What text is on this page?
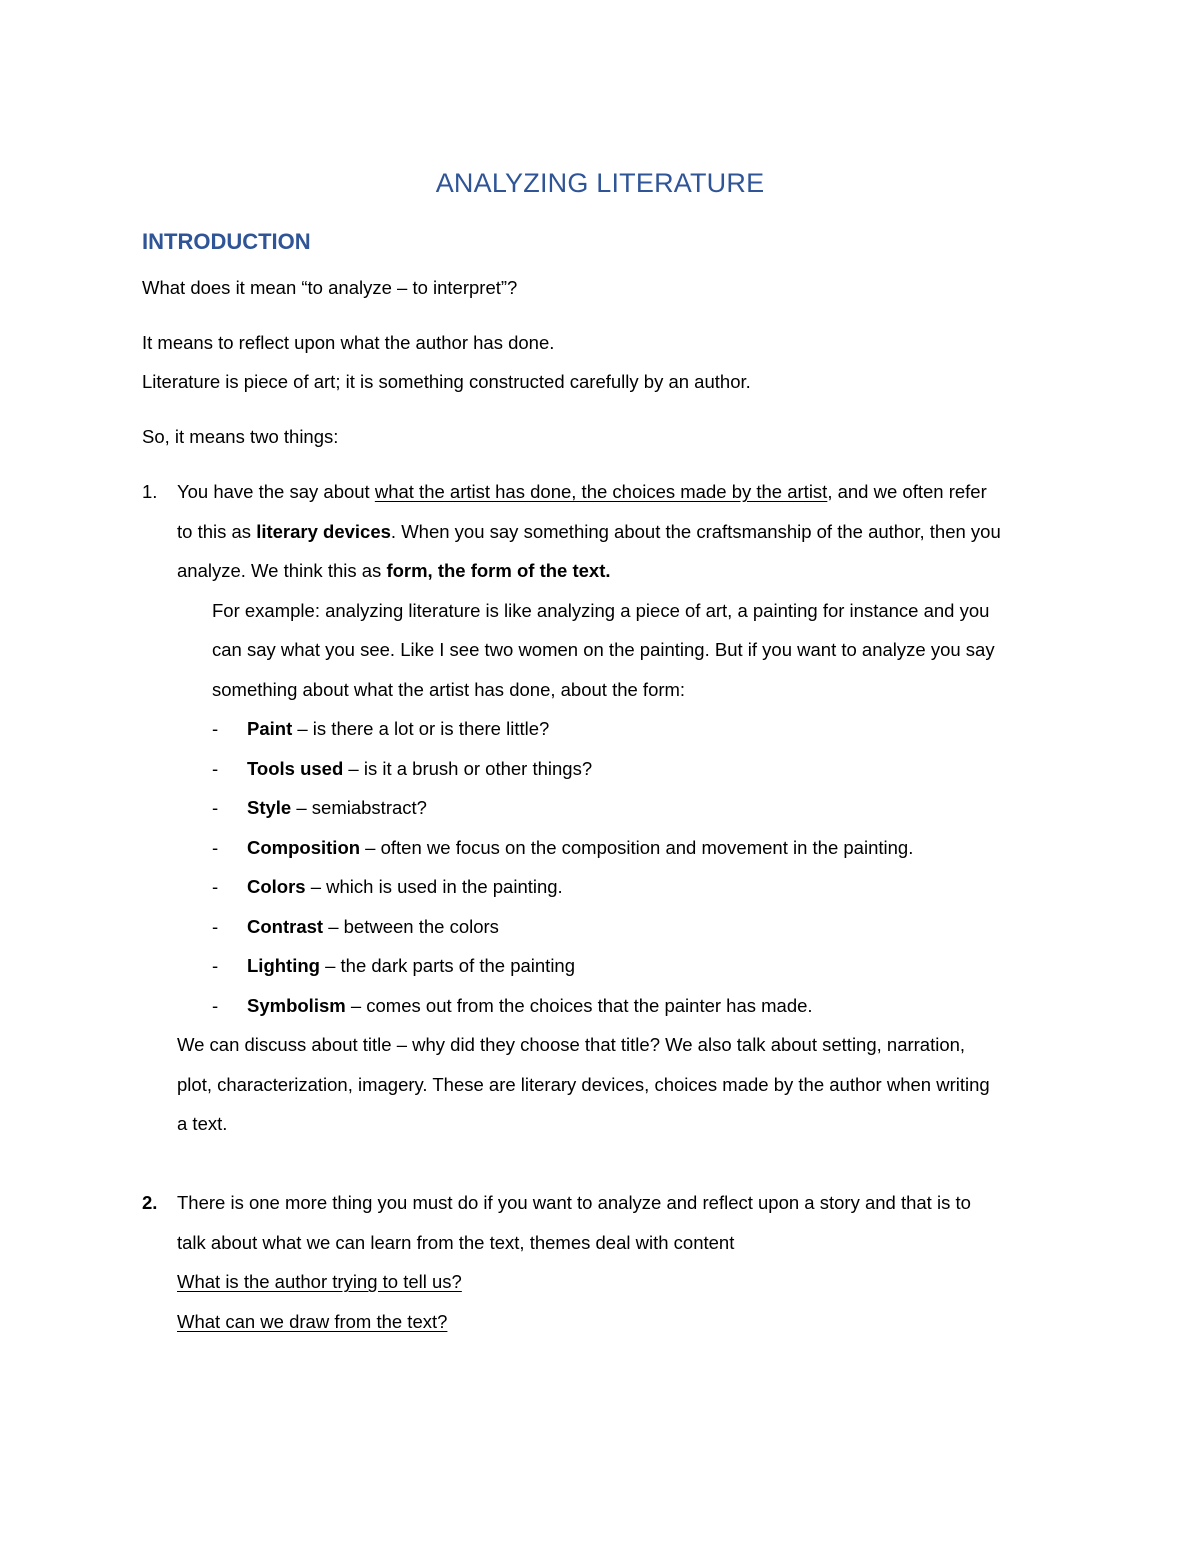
ANALYZING LITERATURE
INTRODUCTION
What does it mean “to analyze – to interpret”?
It means to reflect upon what the author has done.
Literature is piece of art; it is something constructed carefully by an author.
So, it means two things:
1. You have the say about what the artist has done, the choices made by the artist, and we often refer
to this as literary devices. When you say something about the craftsmanship of the author, then you
analyze. We think this as form, the form of the text.
For example: analyzing literature is like analyzing a piece of art, a painting for instance and you
can say what you see. Like I see two women on the painting. But if you want to analyze you say
something about what the artist has done, about the form:
- Paint – is there a lot or is there little?
- Tools used – is it a brush or other things?
- Style – semiabstract?
- Composition – often we focus on the composition and movement in the painting.
- Colors – which is used in the painting.
- Contrast – between the colors
- Lighting – the dark parts of the painting
- Symbolism – comes out from the choices that the painter has made.
We can discuss about title – why did they choose that title? We also talk about setting, narration,
plot, characterization, imagery. These are literary devices, choices made by the author when writing
a text.
2. There is one more thing you must do if you want to analyze and reflect upon a story and that is to
talk about what we can learn from the text, themes deal with content
What is the author trying to tell us?
What can we draw from the text?
